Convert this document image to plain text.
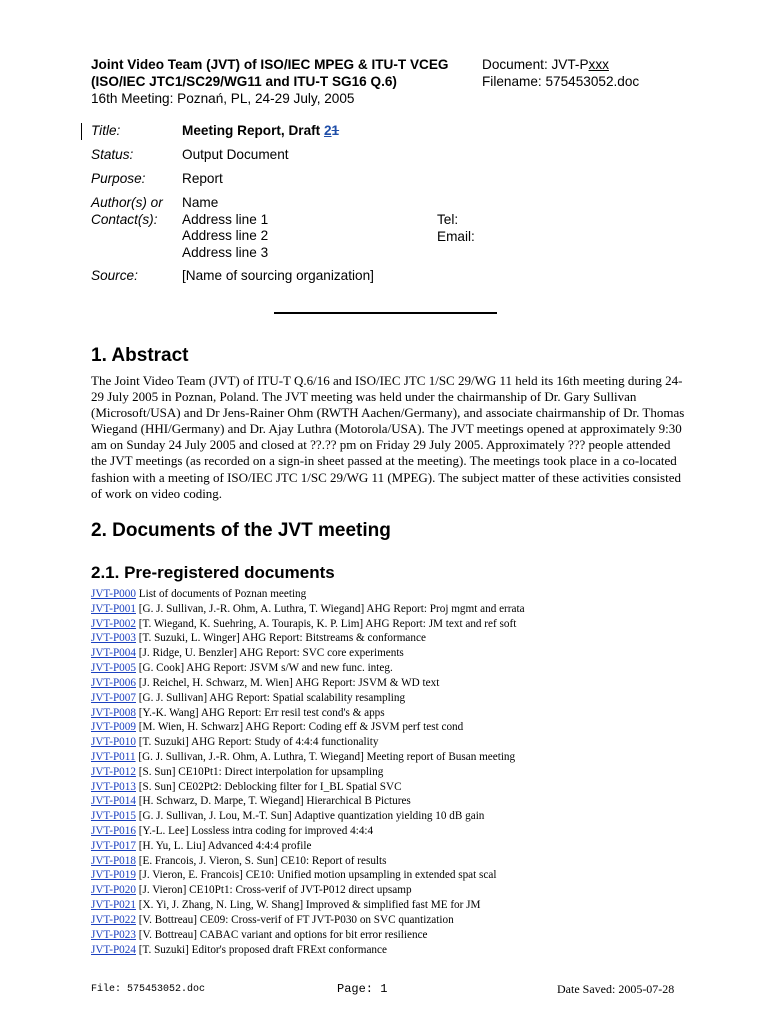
Joint Video Team (JVT) of ISO/IEC MPEG & ITU-T VCEG
(ISO/IEC JTC1/SC29/WG11 and ITU-T SG16 Q.6)
16th Meeting: Poznań, PL, 24-29 July, 2005
Document: JVT-Pxxx
Filename: 575453052.doc
Title:	Meeting Report, Draft 21
Status:	Output Document
Purpose:	Report
Author(s) or
Contact(s):
Name
Address line 1
Address line 2
Address line 3
Tel:
Email:
Source:	[Name of sourcing organization]
1. Abstract
The Joint Video Team (JVT) of ITU-T Q.6/16 and ISO/IEC JTC 1/SC 29/WG 11 held its 16th meeting during 24-29 July 2005 in Poznan, Poland. The JVT meeting was held under the chairmanship of Dr. Gary Sullivan (Microsoft/USA) and Dr Jens-Rainer Ohm (RWTH Aachen/Germany), and associate chairmanship of Dr. Thomas Wiegand (HHI/Germany) and Dr. Ajay Luthra (Motorola/USA). The JVT meetings opened at approximately 9:30 am on Sunday 24 July 2005 and closed at ??.?? pm on Friday 29 July 2005. Approximately ??? people attended the JVT meetings (as recorded on a sign-in sheet passed at the meeting). The meetings took place in a co-located fashion with a meeting of ISO/IEC JTC 1/SC 29/WG 11 (MPEG). The subject matter of these activities consisted of work on video coding.
2. Documents of the JVT meeting
2.1. Pre-registered documents
JVT-P000 List of documents of Poznan meeting
JVT-P001 [G. J. Sullivan, J.-R. Ohm, A. Luthra, T. Wiegand] AHG Report: Proj mgmt and errata
JVT-P002 [T. Wiegand, K. Suehring, A. Tourapis, K. P. Lim] AHG Report: JM text and ref soft
JVT-P003 [T. Suzuki, L. Winger] AHG Report: Bitstreams & conformance
JVT-P004 [J. Ridge, U. Benzler] AHG Report: SVC core experiments
JVT-P005 [G. Cook] AHG Report: JSVM s/W and new func. integ.
JVT-P006 [J. Reichel, H. Schwarz, M. Wien] AHG Report: JSVM & WD text
JVT-P007 [G. J. Sullivan] AHG Report: Spatial scalability resampling
JVT-P008 [Y.-K. Wang] AHG Report: Err resil test cond's & apps
JVT-P009 [M. Wien, H. Schwarz] AHG Report: Coding eff & JSVM perf test cond
JVT-P010 [T. Suzuki] AHG Report: Study of 4:4:4 functionality
JVT-P011 [G. J. Sullivan, J.-R. Ohm, A. Luthra, T. Wiegand] Meeting report of Busan meeting
JVT-P012 [S. Sun] CE10Pt1: Direct interpolation for upsampling
JVT-P013 [S. Sun] CE02Pt2: Deblocking filter for I_BL Spatial SVC
JVT-P014 [H. Schwarz, D. Marpe, T. Wiegand] Hierarchical B Pictures
JVT-P015 [G. J. Sullivan, J. Lou, M.-T. Sun] Adaptive quantization yielding 10 dB gain
JVT-P016 [Y.-L. Lee] Lossless intra coding for improved 4:4:4
JVT-P017 [H. Yu, L. Liu] Advanced 4:4:4 profile
JVT-P018 [E. Francois, J. Vieron, S. Sun] CE10: Report of results
JVT-P019 [J. Vieron, E. Francois] CE10: Unified motion upsampling in extended spat scal
JVT-P020 [J. Vieron] CE10Pt1: Cross-verif of JVT-P012 direct upsamp
JVT-P021 [X. Yi, J. Zhang, N. Ling, W. Shang] Improved & simplified fast ME for JM
JVT-P022 [V. Bottreau] CE09: Cross-verif of FT JVT-P030 on SVC quantization
JVT-P023 [V. Bottreau] CABAC variant and options for bit error resilience
JVT-P024 [T. Suzuki] Editor's proposed draft FRExt conformance
File: 575453052.doc	Page: 1	Date Saved: 2005-07-28
